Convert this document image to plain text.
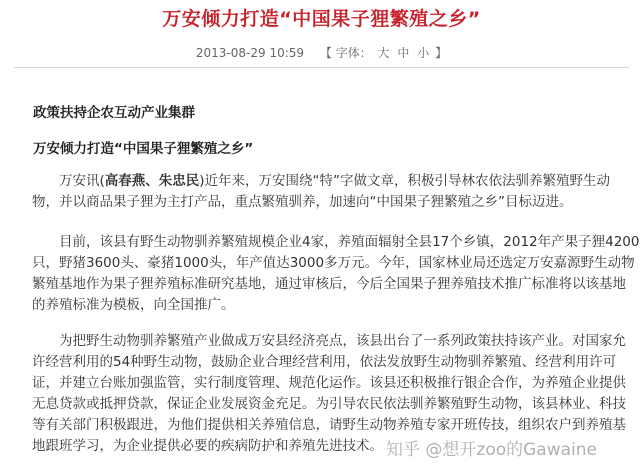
万安倾力打造“中国果子狸繁殖之乡”
2013-08-29 10:59 【 字体： 大 中 小 】
政策扶持企农互动产业集群
万安倾力打造“中国果子狸繁殖之乡”

万安讯(高春燕、朱忠民)近年来，万安围绕“特”字做文章，积极引导林农依法驯养繁殖野生动

物，并以商品果子狸为主打产品，重点繁殖驯养，加速向“中国果子狸繁殖之乡”目标迈进。

目前，该县有野生动物驯养繁殖规模企业4家，养殖面辐射全县17个乡镇，2012年产果子狸4200

只，野猪3600头、豪猪1000头，年产值达3000多万元。今年，国家林业局还选定万安嘉源野生动物

繁殖基地作为果子狸养殖标准研究基地，通过审核后，今后全国果子狸养殖技术推广标准将以该基地

的养殖标准为模板，向全国推广。

为把野生动物驯养繁殖产业做成万安县经济亮点，该县出台了一系列政策扶持该产业。对国家允

许经营利用的54种野生动物，鼓励企业合理经营利用，依法发放野生动物驯养繁殖、经营利用许可

证，并建立台账加强监管，实行制度管理、规范化运作。该县还积极推行银企合作，为养殖企业提供

无息贷款或抵押贷款，保证企业发展资金充足。为引导农民依法驯养繁殖野生动物，该县林业、科技

等有关部门积极跟进，为他们提供相关养殖信息，请野生动物养殖专家开班传技，组织农户到养殖基

地跟班学习，为企业提供必要的疾病防护和养殖先进技术。 知乎 @想开zoo的Gawaine
